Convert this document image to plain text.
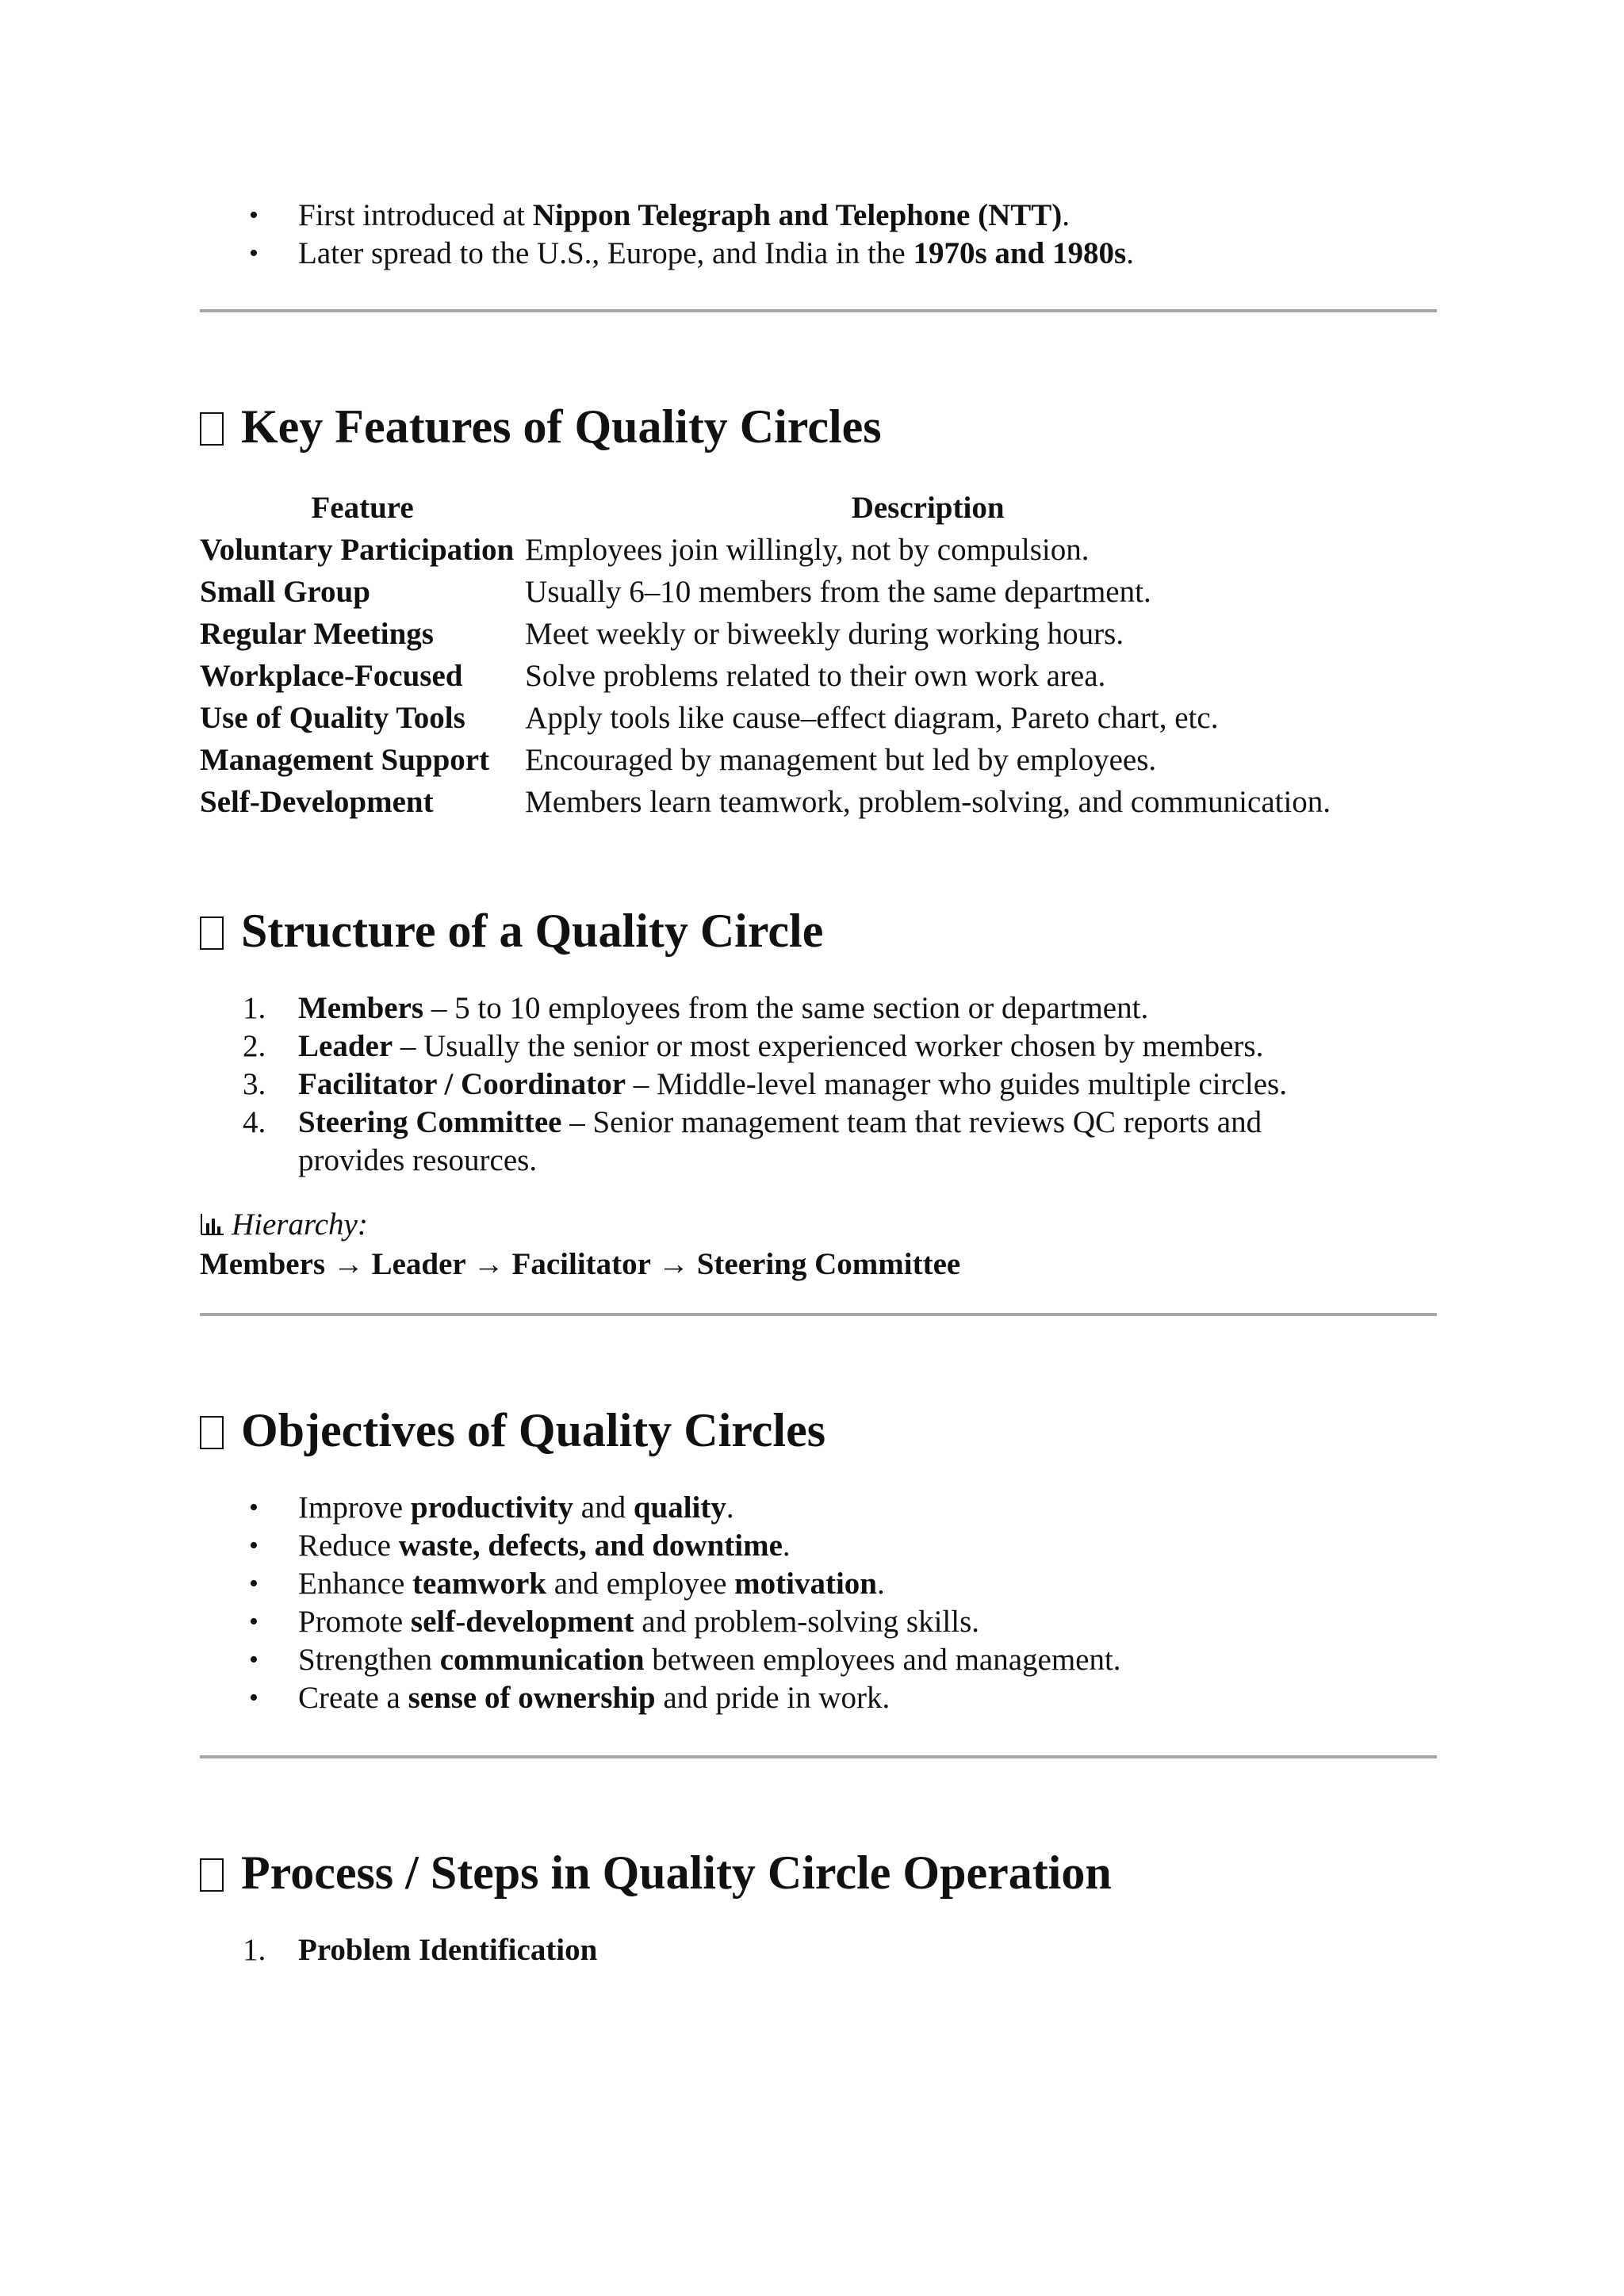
• First introduced at Nippon Telegraph and Telephone (NTT).
• Later spread to the U.S., Europe, and India in the 1970s and 1980s.
Key Features of Quality Circles
Feature	Description
Voluntary Participation	Employees join willingly, not by compulsion.
Small Group	Usually 6–10 members from the same department.
Regular Meetings	Meet weekly or biweekly during working hours.
Workplace-Focused	Solve problems related to their own work area.
Use of Quality Tools	Apply tools like cause–effect diagram, Pareto chart, etc.
Management Support	Encouraged by management but led by employees.
Self-Development	Members learn teamwork, problem-solving, and communication.
Structure of a Quality Circle
1. Members – 5 to 10 employees from the same section or department.
2. Leader – Usually the senior or most experienced worker chosen by members.
3. Facilitator / Coordinator – Middle-level manager who guides multiple circles.
4. Steering Committee – Senior management team that reviews QC reports and provides resources.
Hierarchy:
Members → Leader → Facilitator → Steering Committee
Objectives of Quality Circles
• Improve productivity and quality.
• Reduce waste, defects, and downtime.
• Enhance teamwork and employee motivation.
• Promote self-development and problem-solving skills.
• Strengthen communication between employees and management.
• Create a sense of ownership and pride in work.
Process / Steps in Quality Circle Operation
1. Problem Identification
